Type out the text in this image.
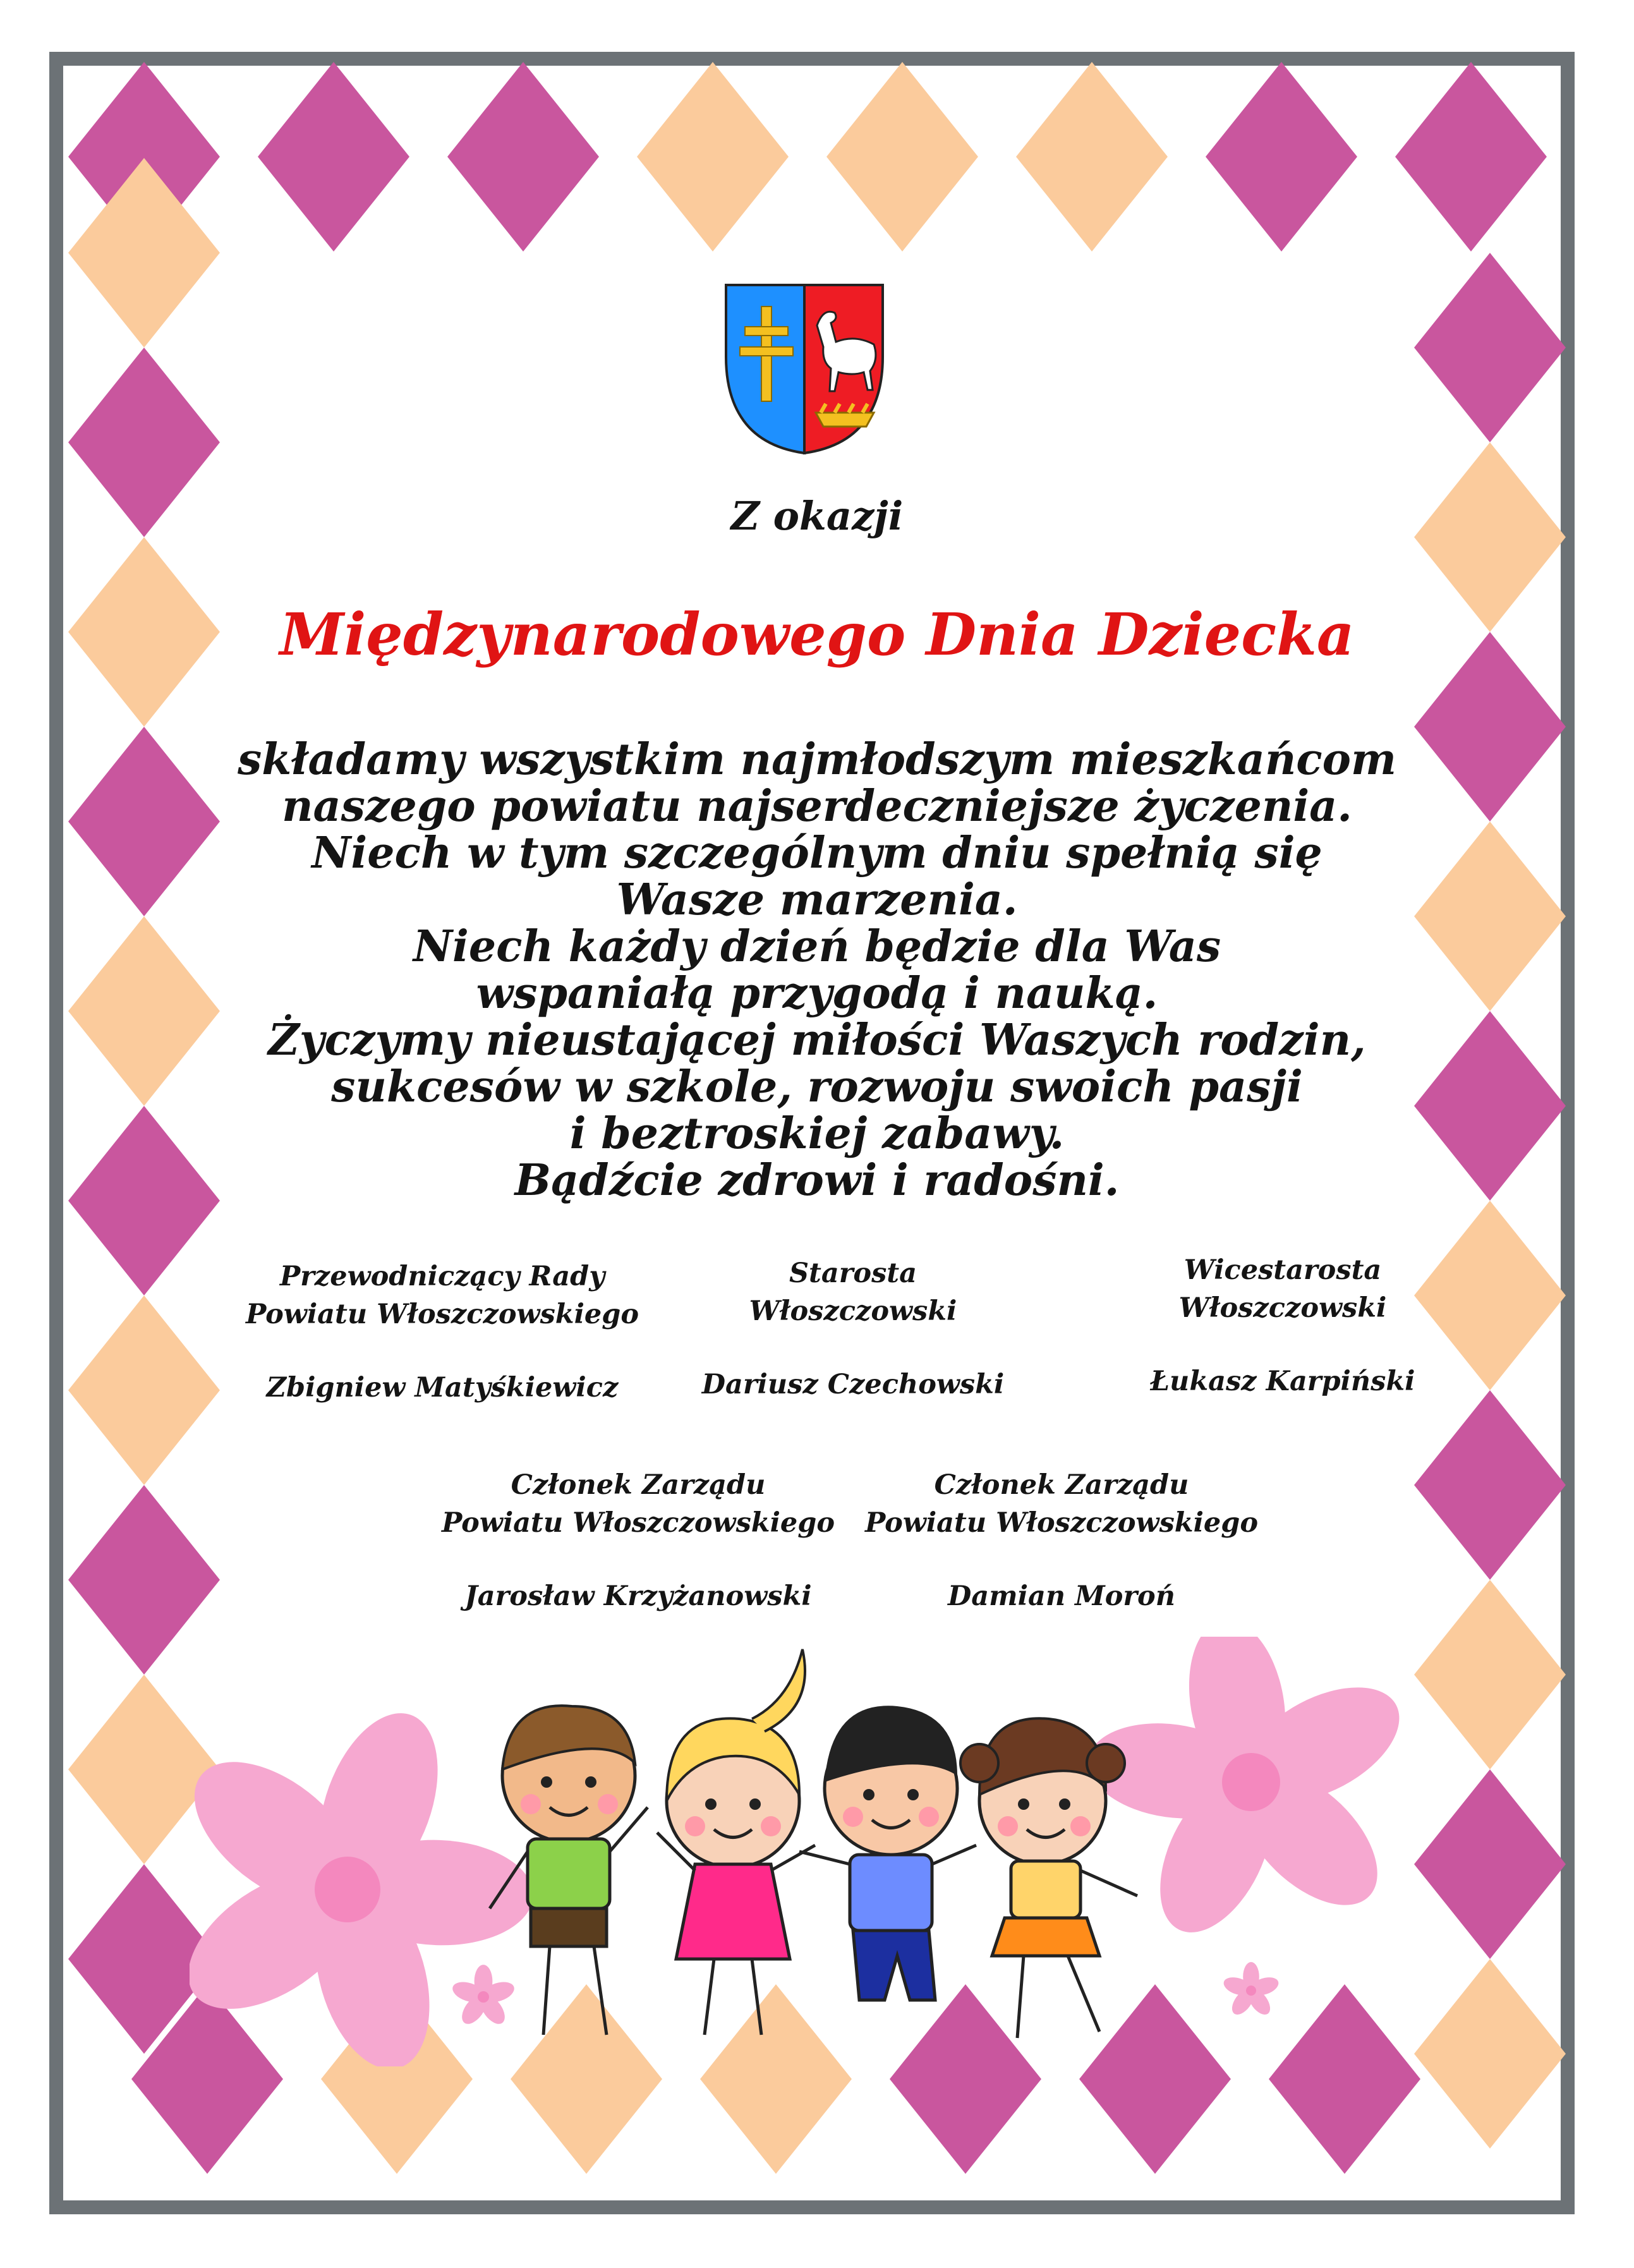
Z okazji
Międzynarodowego Dnia Dziecka
składamy wszystkim najmłodszym mieszkańcom
naszego powiatu najserdeczniejsze życzenia.
Niech w tym szczególnym dniu spełnią się
Wasze marzenia.
Niech każdy dzień będzie dla Was
wspaniałą przygodą i nauką.
Życzymy nieustającej miłości Waszych rodzin,
sukcesów w szkole, rozwoju swoich pasji
i beztroskiej zabawy.
Bądźcie zdrowi i radośni.
Przewodniczący Rady
Powiatu Włoszczowskiego
Zbigniew Matyśkiewicz
Starosta
Włoszczowski
Dariusz Czechowski
Wicestarosta
Włoszczowski
Łukasz Karpiński
Członek Zarządu
Powiatu Włoszczowskiego
Jarosław Krzyżanowski
Członek Zarządu
Powiatu Włoszczowskiego
Damian Moroń
